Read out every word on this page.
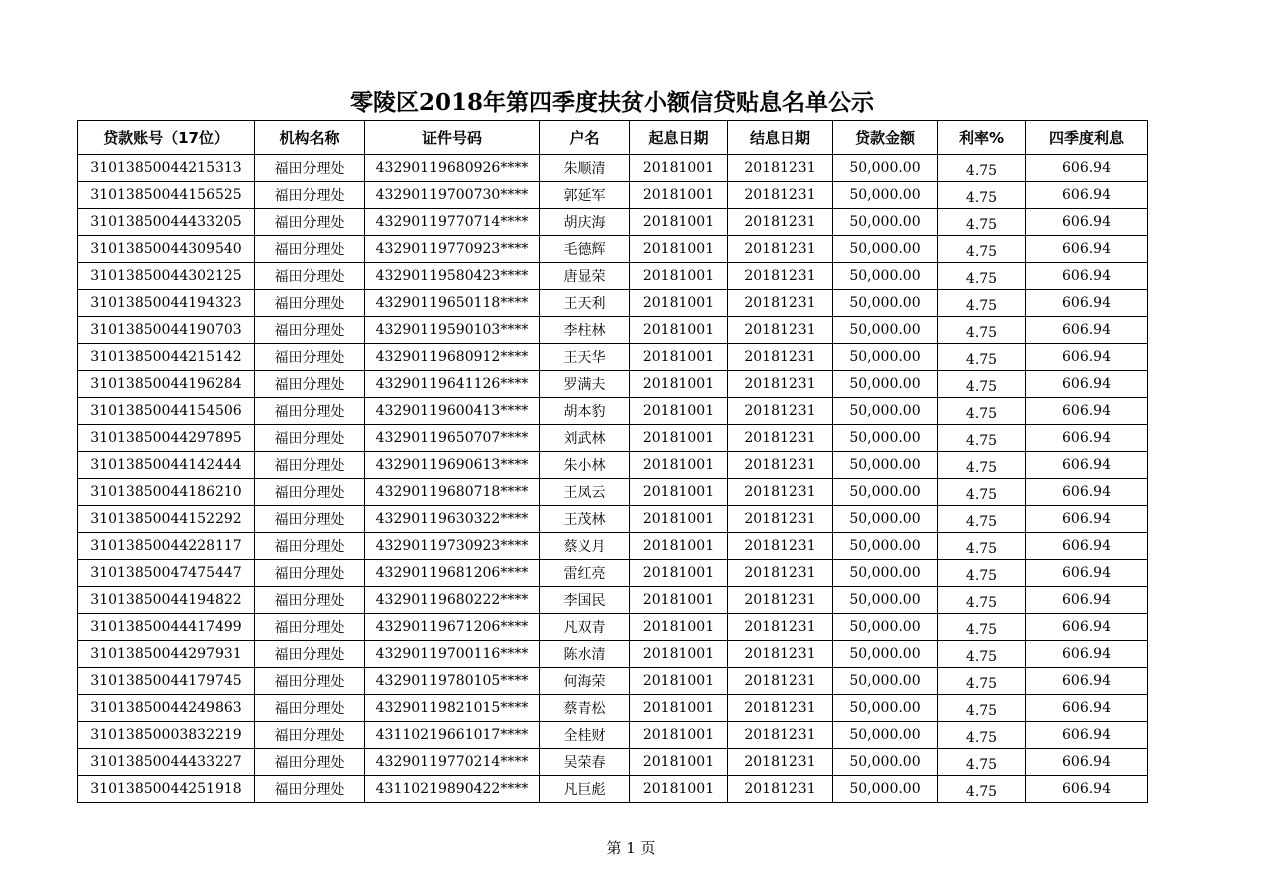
零陵区2018年第四季度扶贫小额信贷贴息名单公示
贷款账号（17位）	机构名称	证件号码	户名	起息日期	结息日期	贷款金额	利率%	四季度利息
31013850044215313	福田分理处	43290119680926****	朱顺清	20181001	20181231	50,000.00	4.75	606.94
31013850044156525	福田分理处	43290119700730****	郭延军	20181001	20181231	50,000.00	4.75	606.94
31013850044433205	福田分理处	43290119770714****	胡庆海	20181001	20181231	50,000.00	4.75	606.94
31013850044309540	福田分理处	43290119770923****	毛德辉	20181001	20181231	50,000.00	4.75	606.94
31013850044302125	福田分理处	43290119580423****	唐显荣	20181001	20181231	50,000.00	4.75	606.94
31013850044194323	福田分理处	43290119650118****	王天利	20181001	20181231	50,000.00	4.75	606.94
31013850044190703	福田分理处	43290119590103****	李柱林	20181001	20181231	50,000.00	4.75	606.94
31013850044215142	福田分理处	43290119680912****	王天华	20181001	20181231	50,000.00	4.75	606.94
31013850044196284	福田分理处	43290119641126****	罗满夫	20181001	20181231	50,000.00	4.75	606.94
31013850044154506	福田分理处	43290119600413****	胡本豹	20181001	20181231	50,000.00	4.75	606.94
31013850044297895	福田分理处	43290119650707****	刘武林	20181001	20181231	50,000.00	4.75	606.94
31013850044142444	福田分理处	43290119690613****	朱小林	20181001	20181231	50,000.00	4.75	606.94
31013850044186210	福田分理处	43290119680718****	王凤云	20181001	20181231	50,000.00	4.75	606.94
31013850044152292	福田分理处	43290119630322****	王茂林	20181001	20181231	50,000.00	4.75	606.94
31013850044228117	福田分理处	43290119730923****	蔡义月	20181001	20181231	50,000.00	4.75	606.94
31013850047475447	福田分理处	43290119681206****	雷红亮	20181001	20181231	50,000.00	4.75	606.94
31013850044194822	福田分理处	43290119680222****	李国民	20181001	20181231	50,000.00	4.75	606.94
31013850044417499	福田分理处	43290119671206****	凡双青	20181001	20181231	50,000.00	4.75	606.94
31013850044297931	福田分理处	43290119700116****	陈水清	20181001	20181231	50,000.00	4.75	606.94
31013850044179745	福田分理处	43290119780105****	何海荣	20181001	20181231	50,000.00	4.75	606.94
31013850044249863	福田分理处	43290119821015****	蔡青松	20181001	20181231	50,000.00	4.75	606.94
31013850003832219	福田分理处	43110219661017****	全桂财	20181001	20181231	50,000.00	4.75	606.94
31013850044433227	福田分理处	43290119770214****	吴荣春	20181001	20181231	50,000.00	4.75	606.94
31013850044251918	福田分理处	43110219890422****	凡巨彪	20181001	20181231	50,000.00	4.75	606.94
第 1 页
